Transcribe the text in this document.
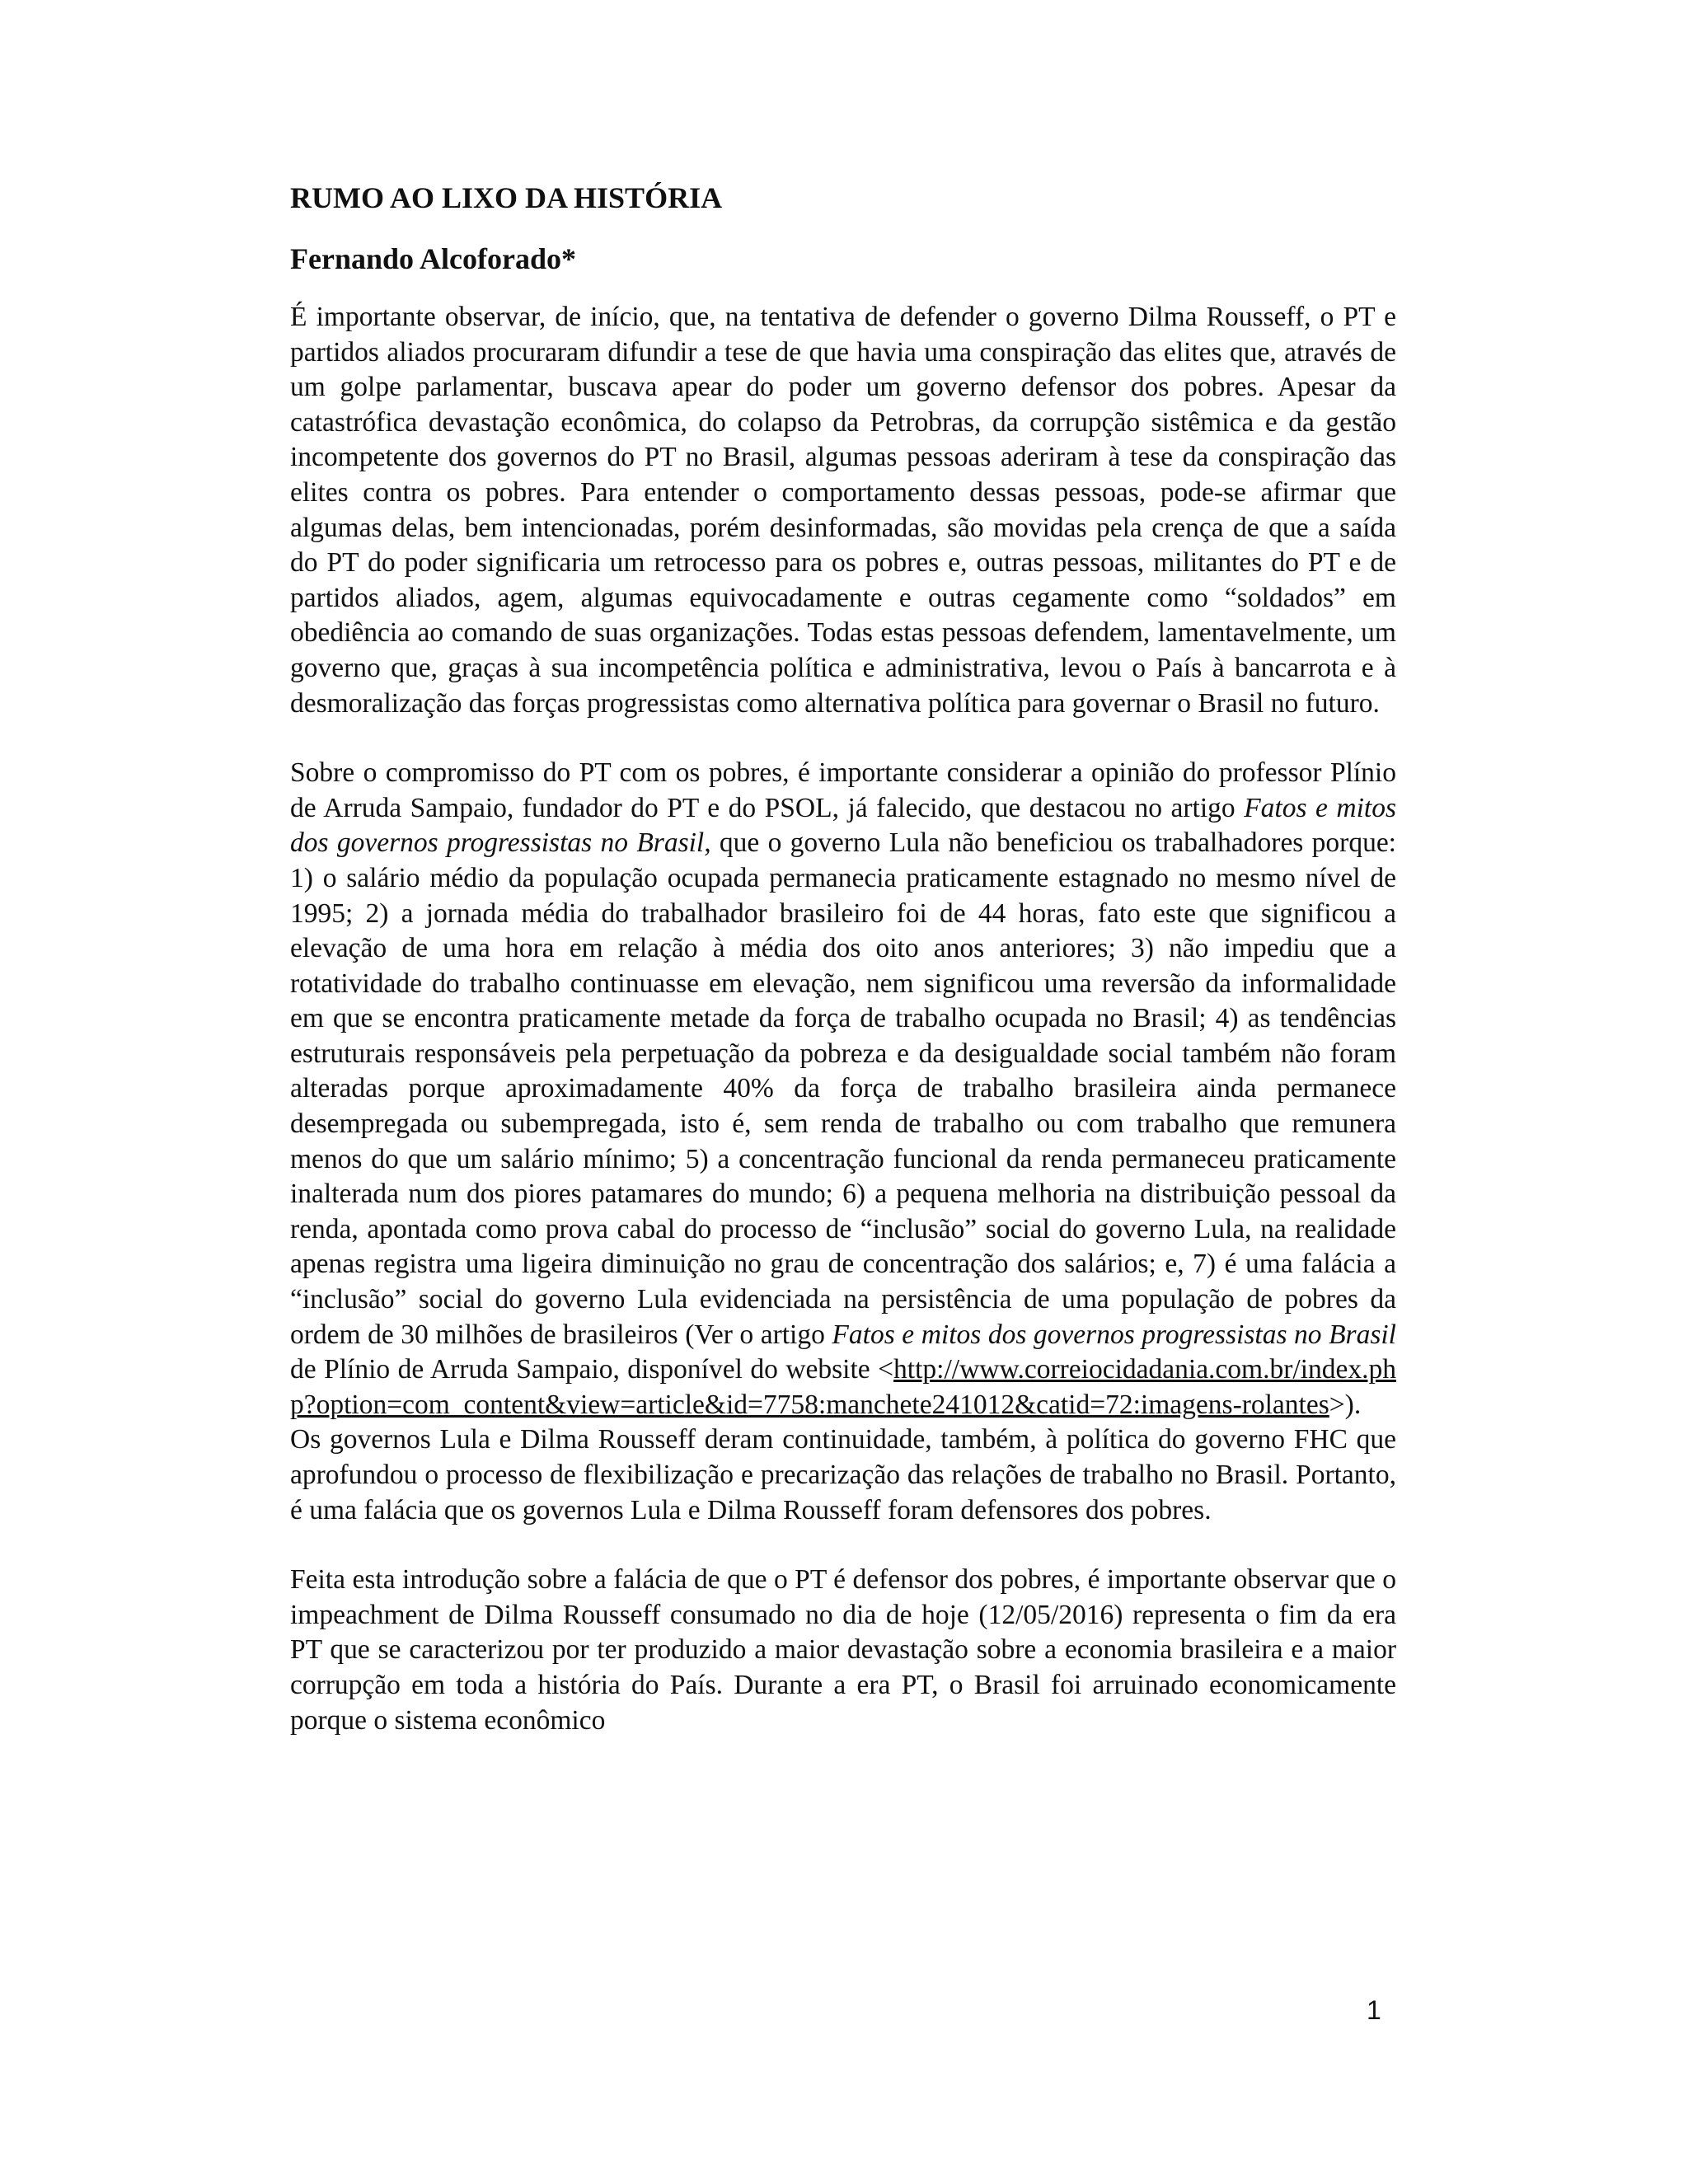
RUMO AO LIXO DA HISTÓRIA
Fernando Alcoforado*

É importante observar, de início, que, na tentativa de defender o governo Dilma Rousseff, o PT e partidos aliados procuraram difundir a tese de que havia uma conspiração das elites que, através de um golpe parlamentar, buscava apear do poder um governo defensor dos pobres. Apesar da catastrófica devastação econômica, do colapso da Petrobras, da corrupção sistêmica e da gestão incompetente dos governos do PT no Brasil, algumas pessoas aderiram à tese da conspiração das elites contra os pobres. Para entender o comportamento dessas pessoas, pode-se afirmar que algumas delas, bem intencionadas, porém desinformadas, são movidas pela crença de que a saída do PT do poder significaria um retrocesso para os pobres e, outras pessoas, militantes do PT e de partidos aliados, agem, algumas equivocadamente e outras cegamente como “soldados” em obediência ao comando de suas organizações. Todas estas pessoas defendem, lamentavelmente, um governo que, graças à sua incompetência política e administrativa, levou o País à bancarrota e à desmoralização das forças progressistas como alternativa política para governar o Brasil no futuro.

Sobre o compromisso do PT com os pobres, é importante considerar a opinião do professor Plínio de Arruda Sampaio, fundador do PT e do PSOL, já falecido, que destacou no artigo Fatos e mitos dos governos progressistas no Brasil, que o governo Lula não beneficiou os trabalhadores porque: 1) o salário médio da população ocupada permanecia praticamente estagnado no mesmo nível de 1995; 2) a jornada média do trabalhador brasileiro foi de 44 horas, fato este que significou a elevação de uma hora em relação à média dos oito anos anteriores; 3) não impediu que a rotatividade do trabalho continuasse em elevação, nem significou uma reversão da informalidade em que se encontra praticamente metade da força de trabalho ocupada no Brasil; 4) as tendências estruturais responsáveis pela perpetuação da pobreza e da desigualdade social também não foram alteradas porque aproximadamente 40% da força de trabalho brasileira ainda permanece desempregada ou subempregada, isto é, sem renda de trabalho ou com trabalho que remunera menos do que um salário mínimo; 5) a concentração funcional da renda permaneceu praticamente inalterada num dos piores patamares do mundo; 6) a pequena melhoria na distribuição pessoal da renda, apontada como prova cabal do processo de “inclusão” social do governo Lula, na realidade apenas registra uma ligeira diminuição no grau de concentração dos salários; e, 7) é uma falácia a “inclusão” social do governo Lula evidenciada na persistência de uma população de pobres da ordem de 30 milhões de brasileiros (Ver o artigo Fatos e mitos dos governos progressistas no Brasil de Plínio de Arruda Sampaio, disponível do website <http://www.correiocidadania.com.br/index.php?option=com_content&view=article&id=7758:manchete241012&catid=72:imagens-rolantes>). Os governos Lula e Dilma Rousseff deram continuidade, também, à política do governo FHC que aprofundou o processo de flexibilização e precarização das relações de trabalho no Brasil. Portanto, é uma falácia que os governos Lula e Dilma Rousseff foram defensores dos pobres.

Feita esta introdução sobre a falácia de que o PT é defensor dos pobres, é importante observar que o impeachment de Dilma Rousseff consumado no dia de hoje (12/05/2016) representa o fim da era PT que se caracterizou por ter produzido a maior devastação sobre a economia brasileira e a maior corrupção em toda a história do País. Durante a era PT, o Brasil foi arruinado economicamente porque o sistema econômico

1
